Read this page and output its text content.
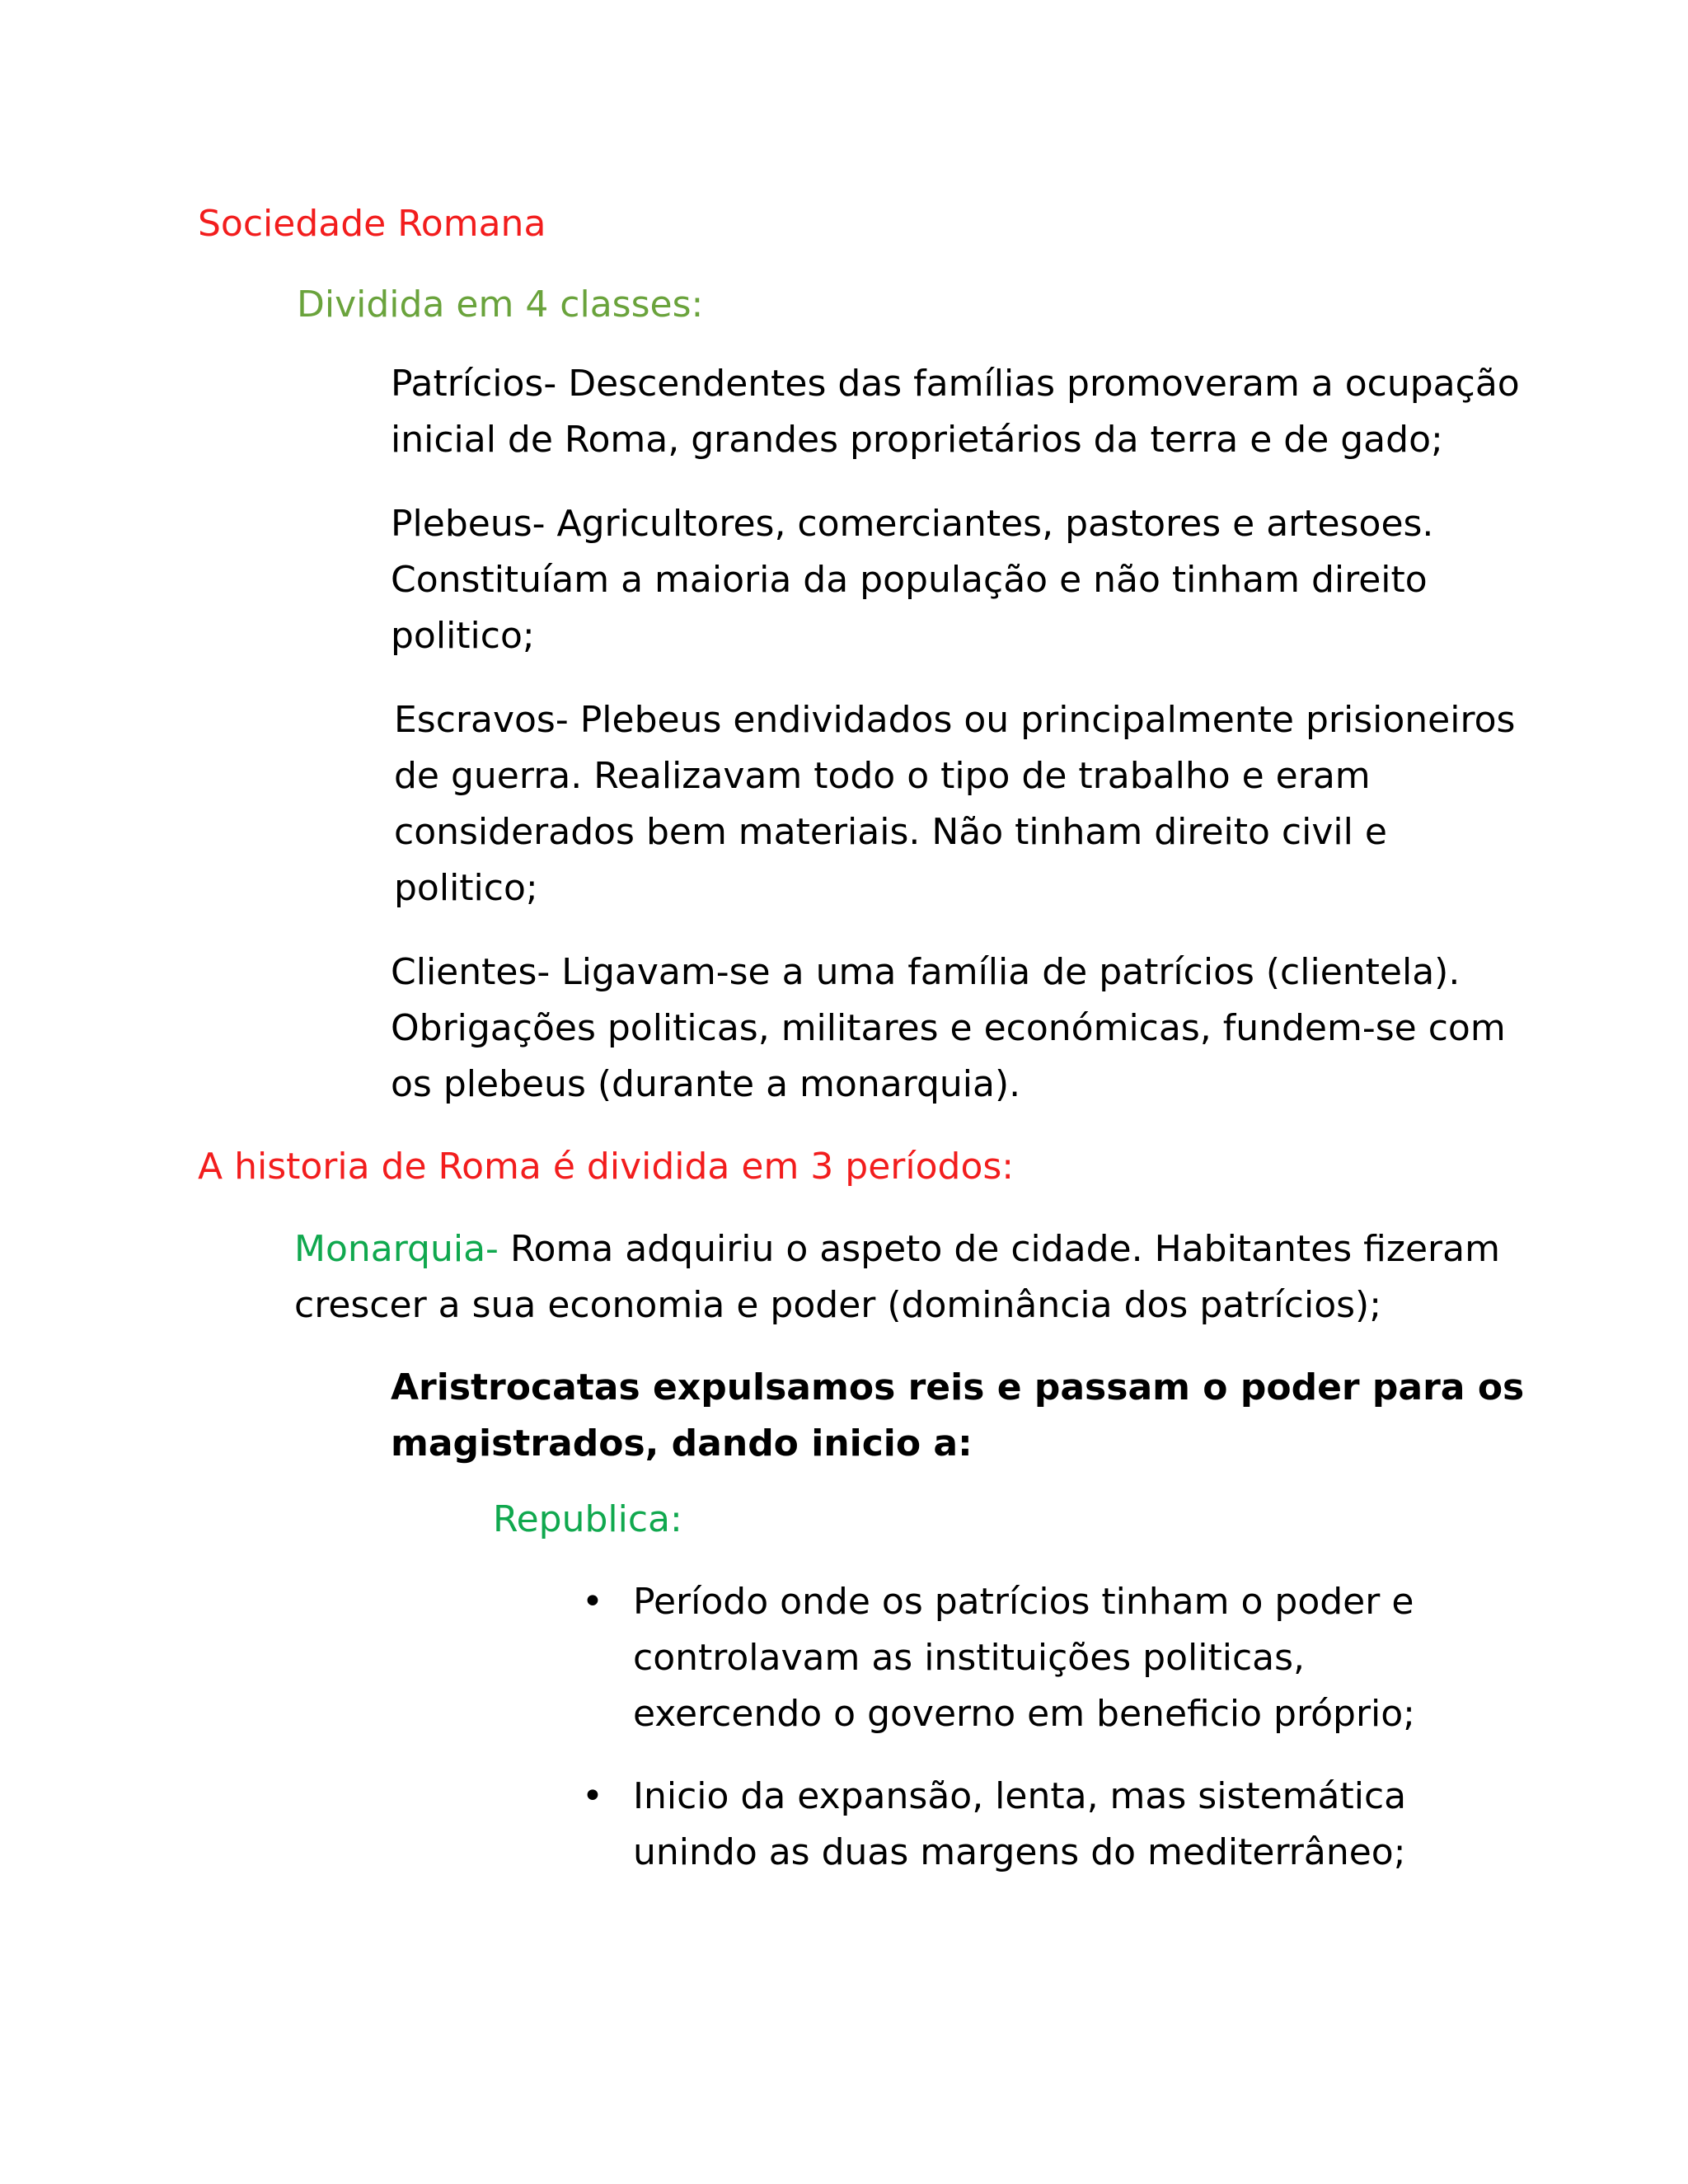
Sociedade Romana

Dividida em 4 classes:

Patrícios- Descendentes das famílias promoveram a ocupação
inicial de Roma, grandes proprietários da terra e de gado;
Plebeus- Agricultores, comerciantes, pastores e artesoes.
Constituíam a maioria da população e não tinham direito
politico;
Escravos- Plebeus endividados ou principalmente prisioneiros
de guerra. Realizavam todo o tipo de trabalho e eram
considerados bem materiais. Não tinham direito civil e
politico;
Clientes- Ligavam-se a uma família de patrícios (clientela).
Obrigações politicas, militares e económicas, fundem-se com
os plebeus (durante a monarquia).

A historia de Roma é dividida em 3 períodos:

Monarquia- Roma adquiriu o aspeto de cidade. Habitantes fizeram
crescer a sua economia e poder (dominância dos patrícios);
Aristrocatas expulsamos reis e passam o poder para os
magistrados, dando inicio a:

Republica:

• Período onde os patrícios tinham o poder e
controlavam as instituições politicas,
exercendo o governo em beneficio próprio;
• Inicio da expansão, lenta, mas sistemática
unindo as duas margens do mediterrâneo;
